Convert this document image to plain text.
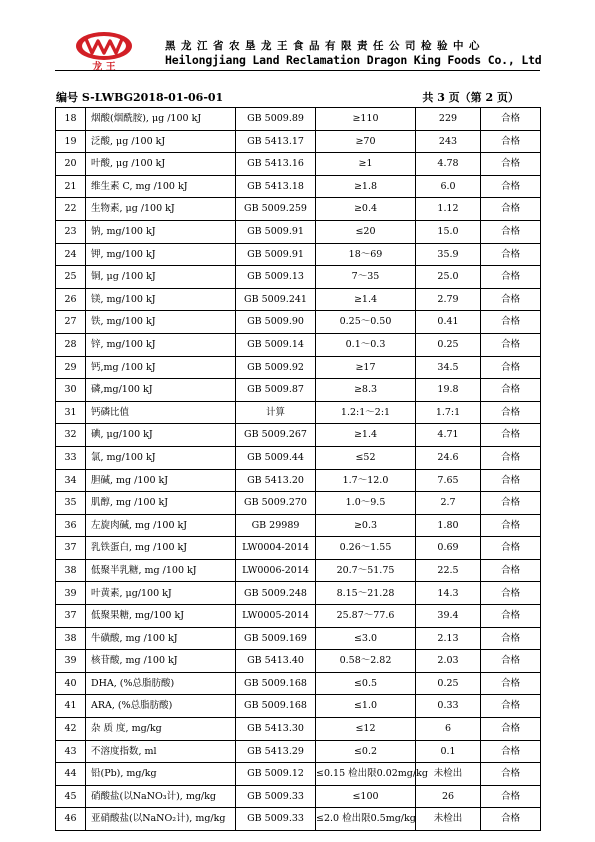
龙 王
黑龙江省农垦龙王食品有限责任公司检验中心
Heilongjiang Land Reclamation Dragon King Foods Co., Ltd
编号 S-LWBG2018-01-06-01	共 3 页（第 2 页）
18	烟酸(烟酰胺), μg /100 kJ	GB 5009.89	≥110	229	合格
19	泛酸, μg /100 kJ	GB 5413.17	≥70	243	合格
20	叶酸, μg /100 kJ	GB 5413.16	≥1	4.78	合格
21	维生素 C, mg /100 kJ	GB 5413.18	≥1.8	6.0	合格
22	生物素, μg /100 kJ	GB 5009.259	≥0.4	1.12	合格
23	钠, mg/100 kJ	GB 5009.91	≤20	15.0	合格
24	钾, mg/100 kJ	GB 5009.91	18～69	35.9	合格
25	铜, μg /100 kJ	GB 5009.13	7～35	25.0	合格
26	镁, mg/100 kJ	GB 5009.241	≥1.4	2.79	合格
27	铁, mg/100 kJ	GB 5009.90	0.25～0.50	0.41	合格
28	锌, mg/100 kJ	GB 5009.14	0.1～0.3	0.25	合格
29	钙,mg /100 kJ	GB 5009.92	≥17	34.5	合格
30	磷,mg/100 kJ	GB 5009.87	≥8.3	19.8	合格
31	钙磷比值	计算	1.2:1～2:1	1.7:1	合格
32	碘, μg/100 kJ	GB 5009.267	≥1.4	4.71	合格
33	氯, mg/100 kJ	GB 5009.44	≤52	24.6	合格
34	胆碱, mg /100 kJ	GB 5413.20	1.7～12.0	7.65	合格
35	肌醇, mg /100 kJ	GB 5009.270	1.0～9.5	2.7	合格
36	左旋肉碱, mg /100 kJ	GB 29989	≥0.3	1.80	合格
37	乳铁蛋白, mg /100 kJ	LW0004-2014	0.26～1.55	0.69	合格
38	低聚半乳糖, mg /100 kJ	LW0006-2014	20.7～51.75	22.5	合格
39	叶黄素, μg/100 kJ	GB 5009.248	8.15～21.28	14.3	合格
37	低聚果糖, mg/100 kJ	LW0005-2014	25.87～77.6	39.4	合格
38	牛磺酸, mg /100 kJ	GB 5009.169	≤3.0	2.13	合格
39	核苷酸, mg /100 kJ	GB 5413.40	0.58～2.82	2.03	合格
40	DHA, (%总脂肪酸)	GB 5009.168	≤0.5	0.25	合格
41	ARA, (%总脂肪酸)	GB 5009.168	≤1.0	0.33	合格
42	杂 质 度, mg/kg	GB 5413.30	≤12	6	合格
43	不溶度指数, ml	GB 5413.29	≤0.2	0.1	合格
44	铅(Pb), mg/kg	GB 5009.12	≤0.15 检出限0.02mg/kg	未检出	合格
45	硝酸盐(以NaNO₃计), mg/kg	GB 5009.33	≤100	26	合格
46	亚硝酸盐(以NaNO₂计), mg/kg	GB 5009.33	≤2.0 检出限0.5mg/kg	未检出	合格
